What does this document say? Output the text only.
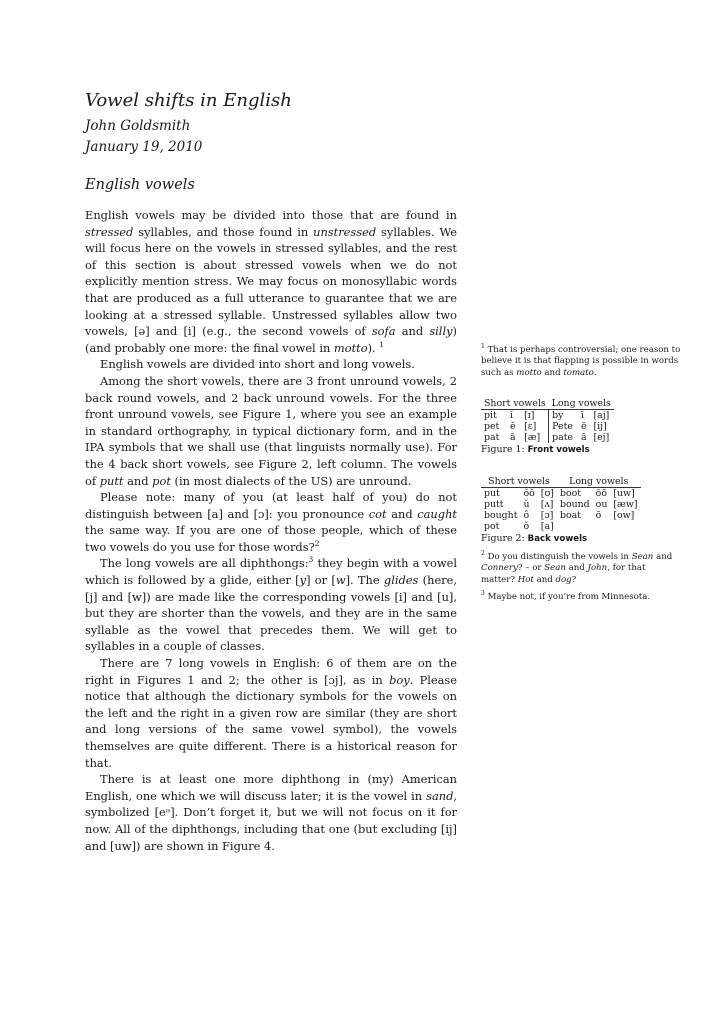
Vowel shifts in English
John Goldsmith
January 19, 2010
English vowels

English vowels may be divided into those that are found in stressed syllables, and those found in unstressed syllables. We will focus here on the vowels in stressed syllables, and the rest of this section is about stressed vowels when we do not explicitly mention stress. We may focus on monosyllabic words that are produced as a full utterance to guarantee that we are looking at a stressed syllable. Unstressed syllables allow two vowels, [ə] and [i] (e.g., the second vowels of sofa and silly) (and probably one more: the final vowel in motto). $^1$

English vowels are divided into short and long vowels.

Among the short vowels, there are 3 front unround vowels, 2 back round vowels, and 2 back unround vowels. For the three front unround vowels, see Figure 1, where you see an example in standard orthography, in typical dictionary form, and in the IPA symbols that we shall use (that linguists normally use). For the 4 back short vowels, see Figure 2, left column. The vowels of putt and pot (in most dialects of the US) are unround.

Please note: many of you (at least half of you) do not distinguish between [a] and [ɔ]: you pronounce cot and caught the same way. If you are one of those people, which of these two vowels do you use for those words?$^2$

The long vowels are all diphthongs:$^3$ they begin with a vowel which is followed by a glide, either [y] or [w]. The glides (here, [j] and [w]) are made like the corresponding vowels [i] and [u], but they are shorter than the vowels, and they are in the same syllable as the vowel that precedes them. We will get to syllables in a couple of classes.

There are 7 long vowels in English: 6 of them are on the right in Figures 1 and 2; the other is [ɔj], as in boy. Please notice that although the dictionary symbols for the vowels on the left and the right in a given row are similar (they are short and long versions of the same vowel symbol), the vowels themselves are quite different. There is a historical reason for that.

There is at least one more diphthong in (my) American English, one which we will discuss later; it is the vowel in sand, symbolized [eᵊ]. Don’t forget it, but we will not focus on it for now. All of the diphthongs, including that one (but excluding [ij] and [uw]) are shown in Figure 4.

$^1$ That is perhaps controversial; one reason to believe it is that flapping is possible in words such as motto and tomato.
Short vowels			Long vowels		
pit	ĭ	[ɪ]	by	ī	[aj]
pet	ĕ	[ɛ]	Pete	ē	[ij]
pat	ă	[æ]	pate	ā	[ej]
Figure 1: Front vowels
Short vowels			Long vowels		
put	ŏŏ	[ʊ]	boot	ōō	[uw]
putt	ŭ	[ʌ]	bound	ou	[æw]
bought	ô	[ɔ]	boat	ō	[ow]
pot	ŏ	[a]			
Figure 2: Back vowels
$^2$ Do you distinguish the vowels in Sean and Connery? – or Sean and John, for that matter? Hot and dog?
$^3$ Maybe not, if you’re from Minnesota.
